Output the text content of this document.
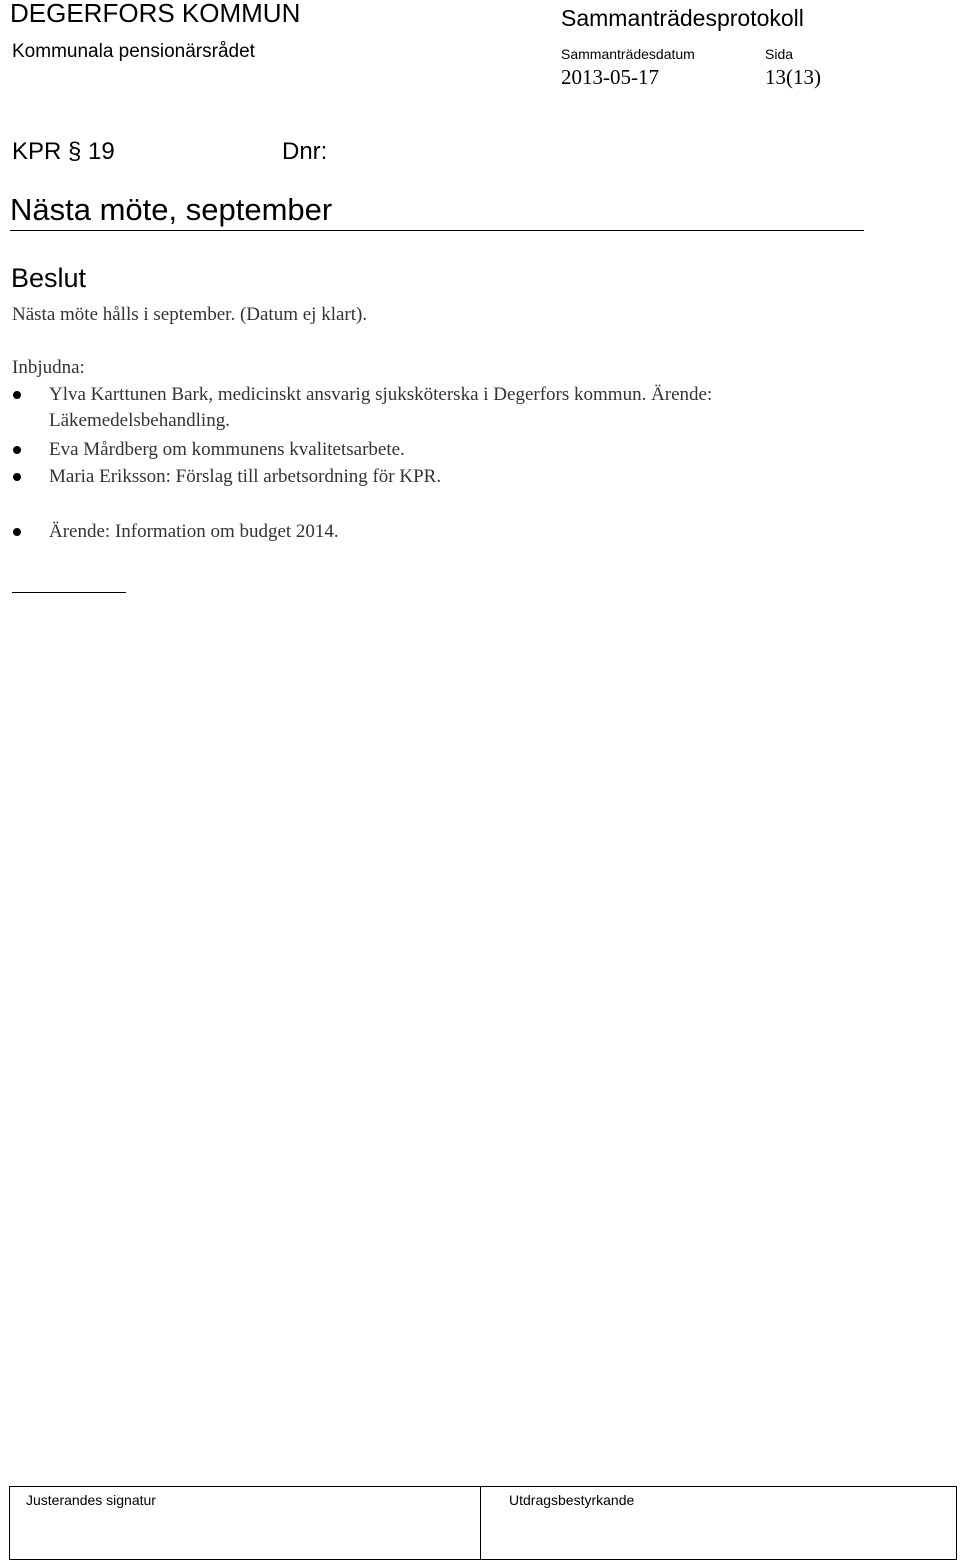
DEGERFORS KOMMUN	Sammanträdesprotokoll
Kommunala pensionärsrådet	Sammanträdesdatum	Sida
2013-05-17	13(13)
KPR § 19	Dnr:
Nästa möte, september
Beslut
Nästa möte hålls i september. (Datum ej klart).
Inbjudna:
Ylva Karttunen Bark, medicinskt ansvarig sjuksköterska i Degerfors kommun. Ärende:
Läkemedelsbehandling.
Eva Mårdberg om kommunens kvalitetsarbete.
Maria Eriksson: Förslag till arbetsordning för KPR.
Ärende: Information om budget 2014.
Justerandes signatur	Utdragsbestyrkande
